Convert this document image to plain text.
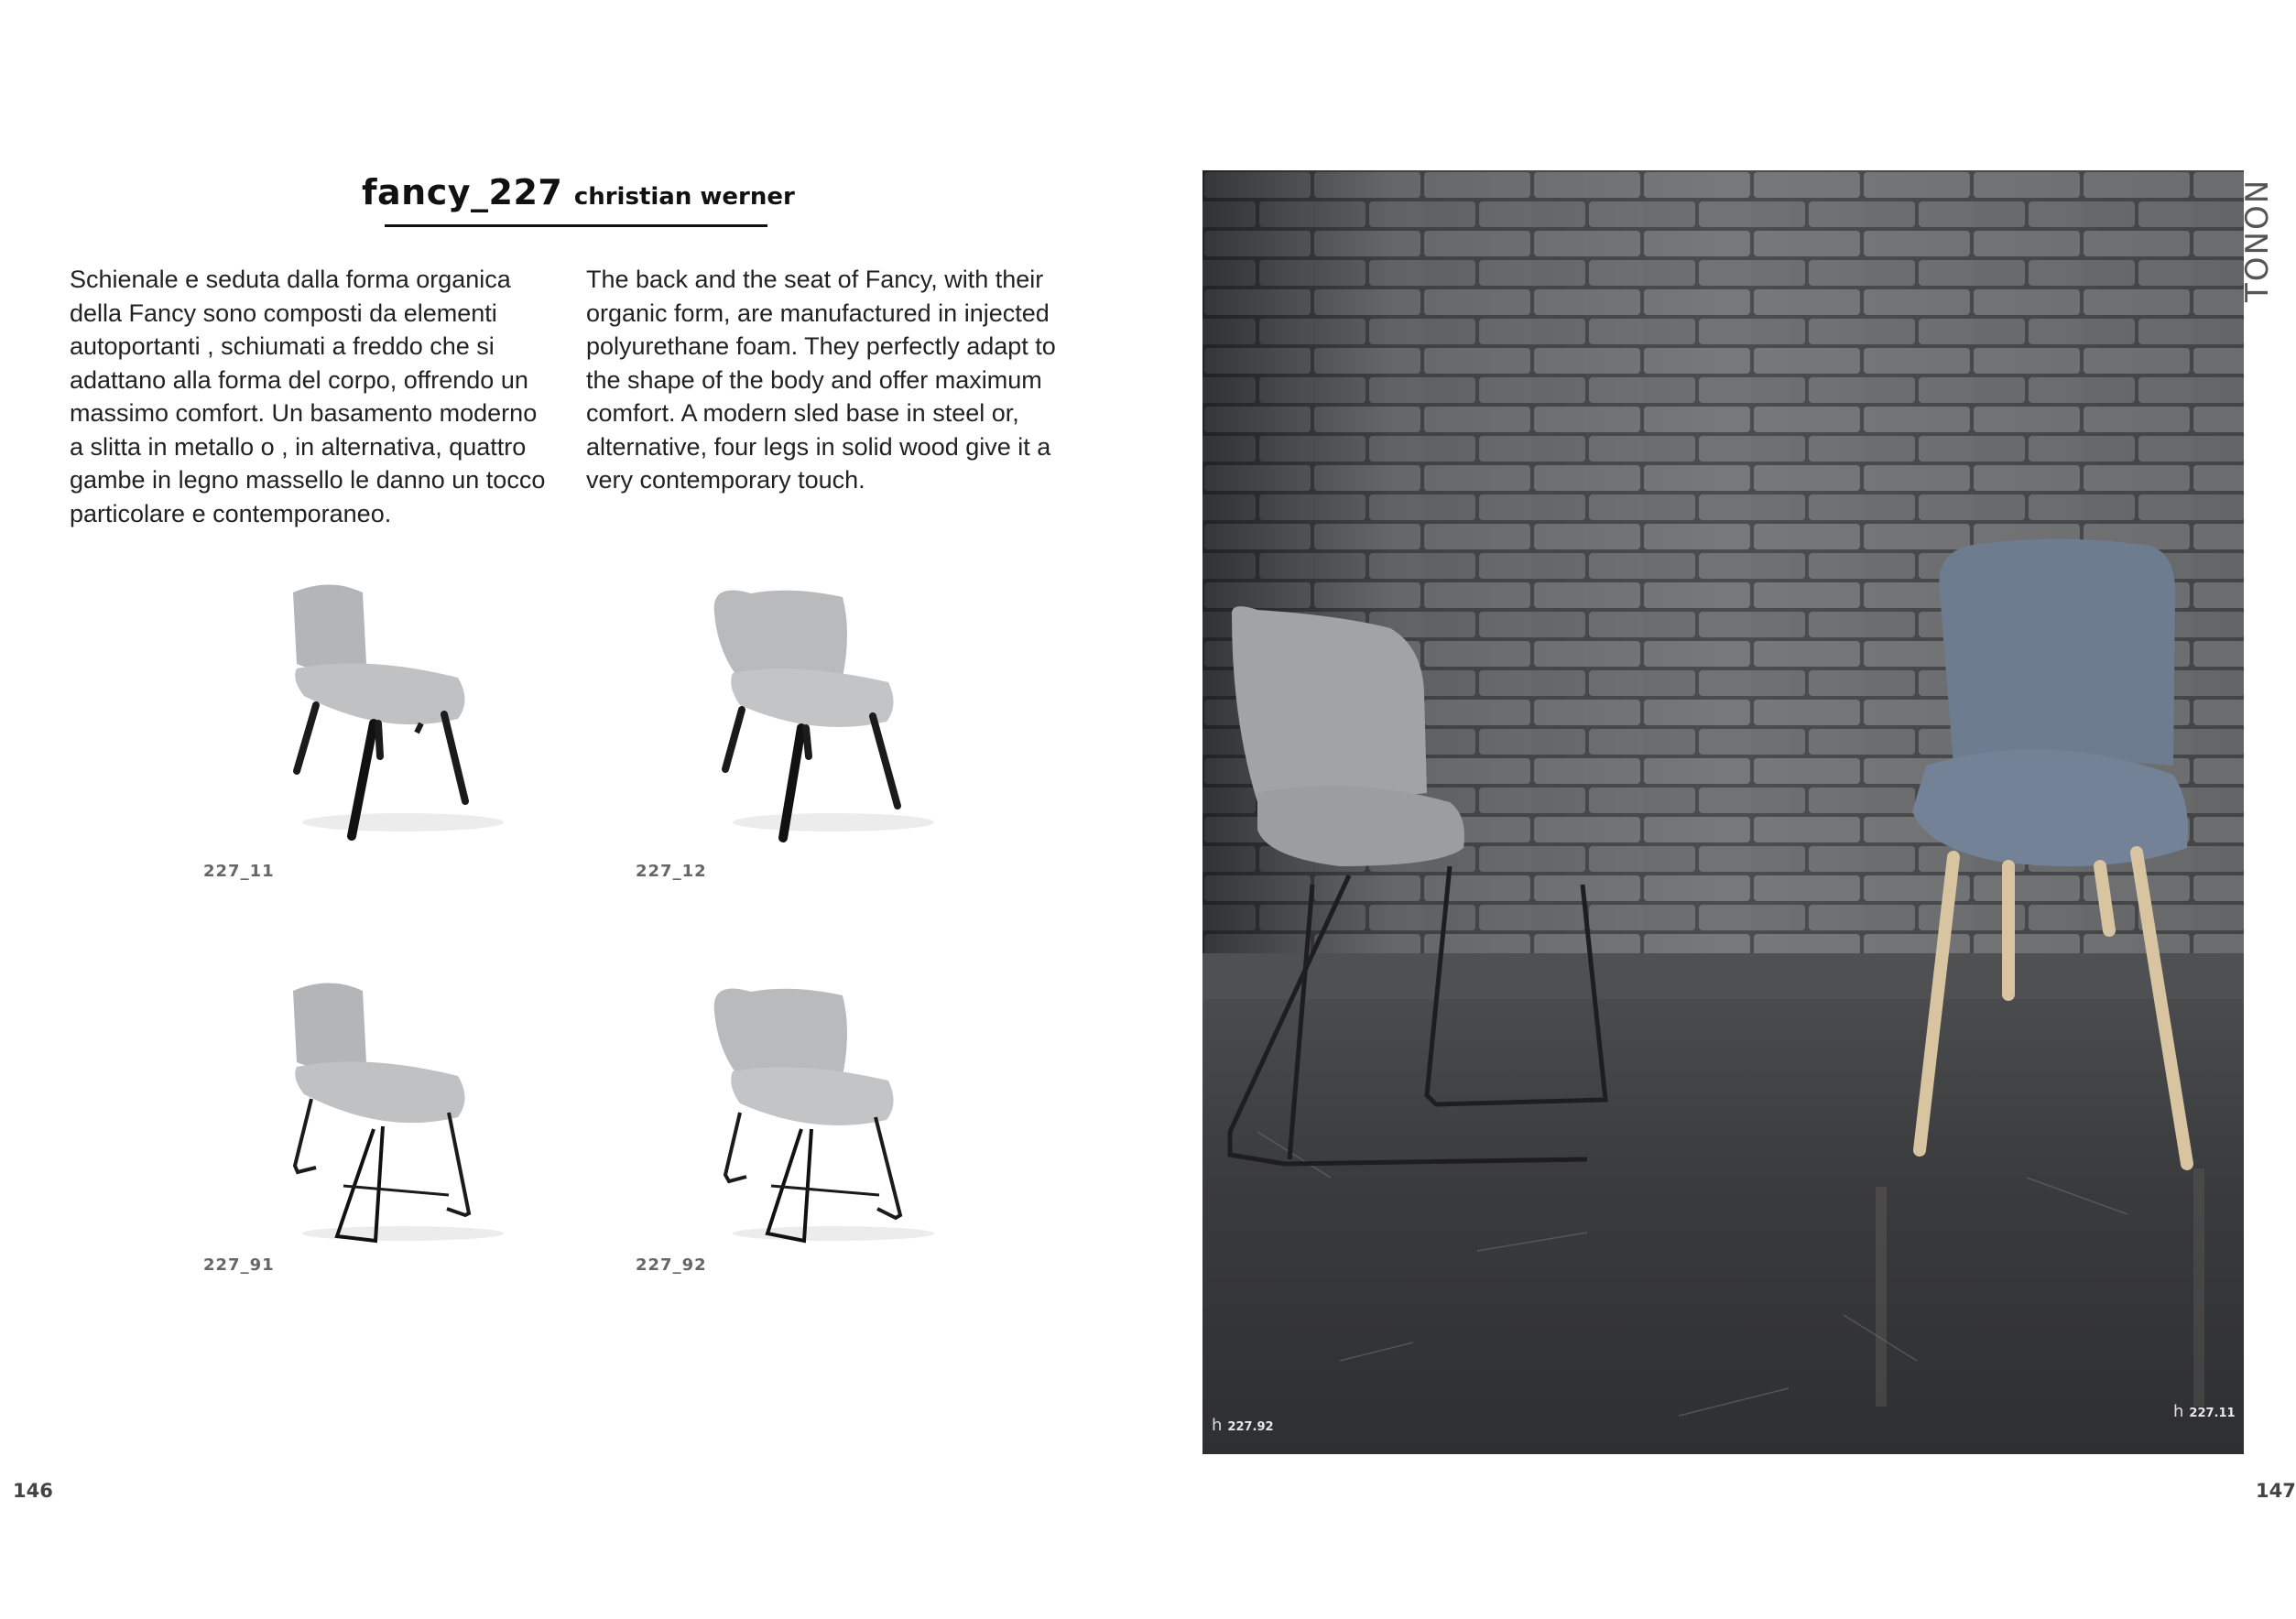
fancy_227 christian werner
Schienale e seduta dalla forma organica
della Fancy sono composti da elementi
autoportanti , schiumati a freddo che si
adattano alla forma del corpo, offrendo un
massimo comfort. Un basamento moderno
a slitta in metallo o , in alternativa, quattro
gambe in legno massello le danno un tocco
particolare e contemporaneo.
The back and the seat of Fancy, with their
organic form, are manufactured in injected
polyurethane foam. They perfectly adapt to
the shape of the body and offer maximum
comfort. A modern sled base in steel or,
alternative, four legs in solid wood give it a
very contemporary touch.
227_11	227_12
227_91	227_92
146
h 227.92
h 227.11
TONON
147
